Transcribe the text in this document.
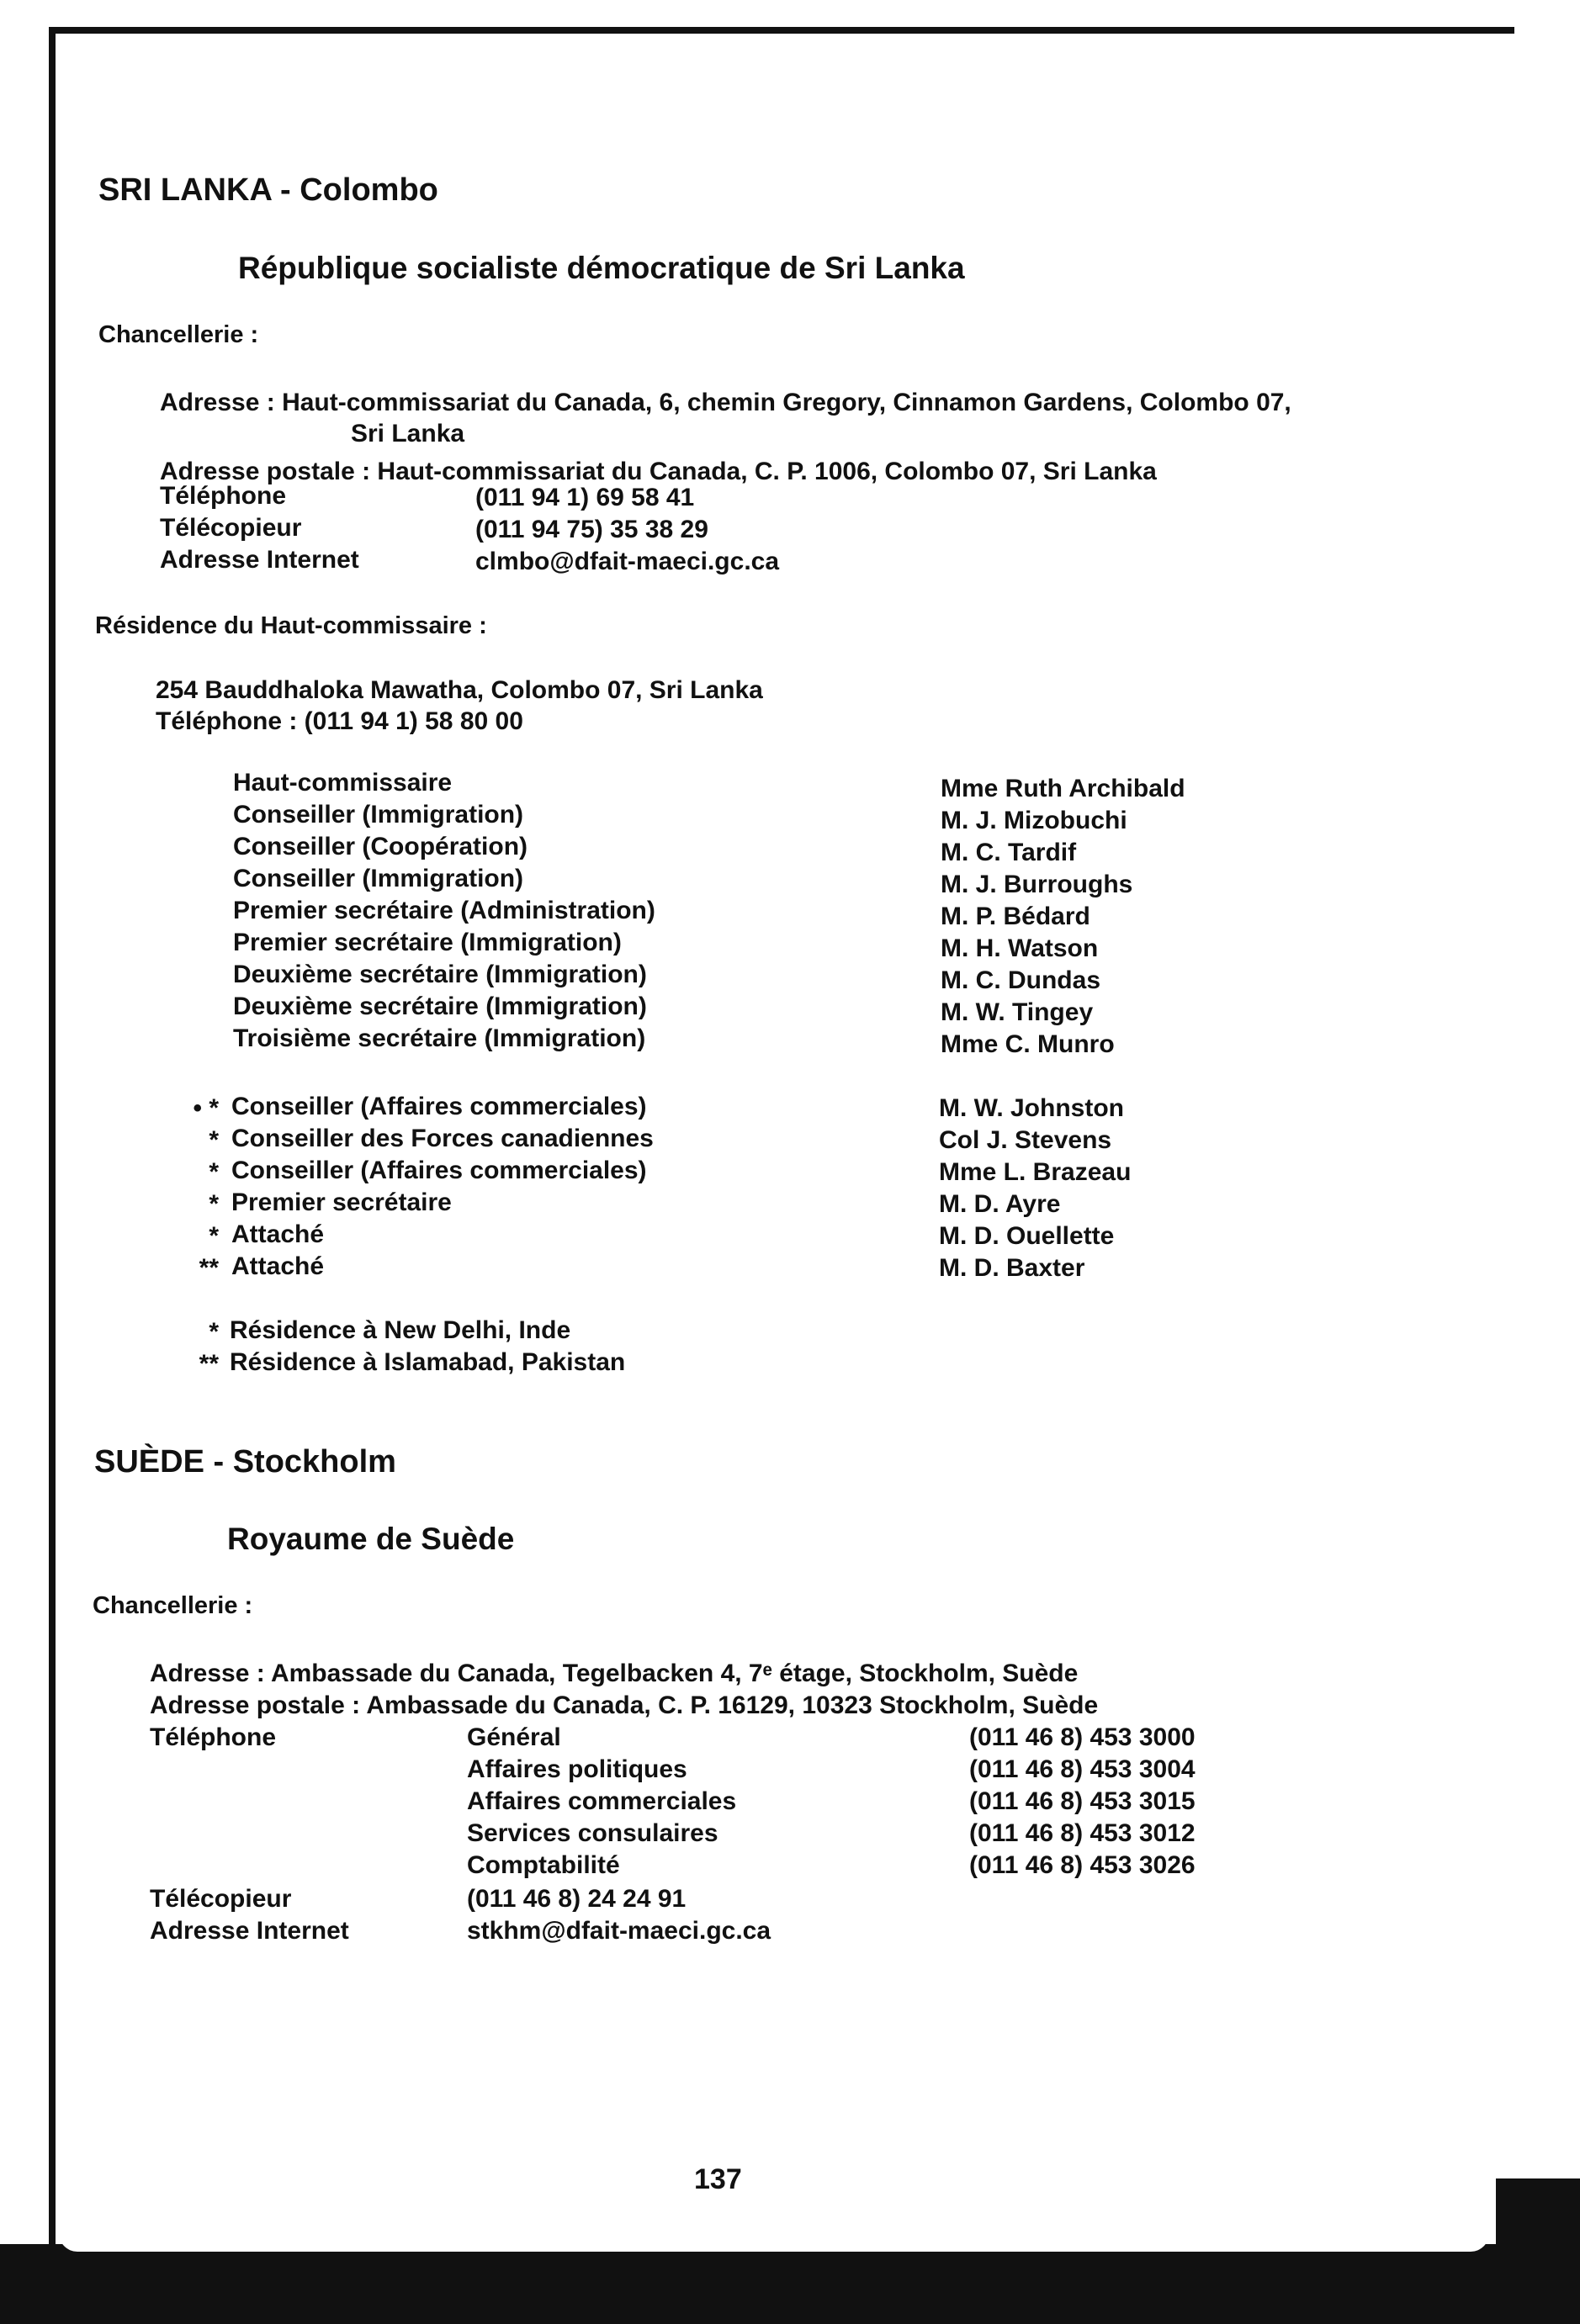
SRI LANKA - Colombo
République socialiste démocratique de Sri Lanka
Chancellerie :
Adresse : Haut-commissariat du Canada, 6, chemin Gregory, Cinnamon Gardens, Colombo 07,
Sri Lanka
Adresse postale : Haut-commissariat du Canada, C. P. 1006, Colombo 07, Sri Lanka
Téléphone	(011 94 1) 69 58 41
Télécopieur	(011 94 75) 35 38 29
Adresse Internet	clmbo@dfait-maeci.gc.ca
Résidence du Haut-commissaire :
254 Bauddhaloka Mawatha, Colombo 07, Sri Lanka
Téléphone : (011 94 1) 58 80 00
Haut-commissaire	Mme Ruth Archibald
Conseiller (Immigration)	M. J. Mizobuchi
Conseiller (Coopération)	M. C. Tardif
Conseiller (Immigration)	M. J. Burroughs
Premier secrétaire (Administration)	M. P. Bédard
Premier secrétaire (Immigration)	M. H. Watson
Deuxième secrétaire (Immigration)	M. C. Dundas
Deuxième secrétaire (Immigration)	M. W. Tingey
Troisième secrétaire (Immigration)	Mme C. Munro
• * Conseiller (Affaires commerciales)	M. W. Johnston
* Conseiller des Forces canadiennes	Col J. Stevens
* Conseiller (Affaires commerciales)	Mme L. Brazeau
* Premier secrétaire	M. D. Ayre
* Attaché	M. D. Ouellette
** Attaché	M. D. Baxter
* Résidence à New Delhi, Inde
** Résidence à Islamabad, Pakistan
SUÈDE - Stockholm
Royaume de Suède
Chancellerie :
Adresse : Ambassade du Canada, Tegelbacken 4, 7ᵉ étage, Stockholm, Suède
Adresse postale : Ambassade du Canada, C. P. 16129, 10323 Stockholm, Suède
Téléphone	Général	(011 46 8) 453 3000
Affaires politiques	(011 46 8) 453 3004
Affaires commerciales	(011 46 8) 453 3015
Services consulaires	(011 46 8) 453 3012
Comptabilité	(011 46 8) 453 3026
Télécopieur	(011 46 8) 24 24 91
Adresse Internet	stkhm@dfait-maeci.gc.ca
137
